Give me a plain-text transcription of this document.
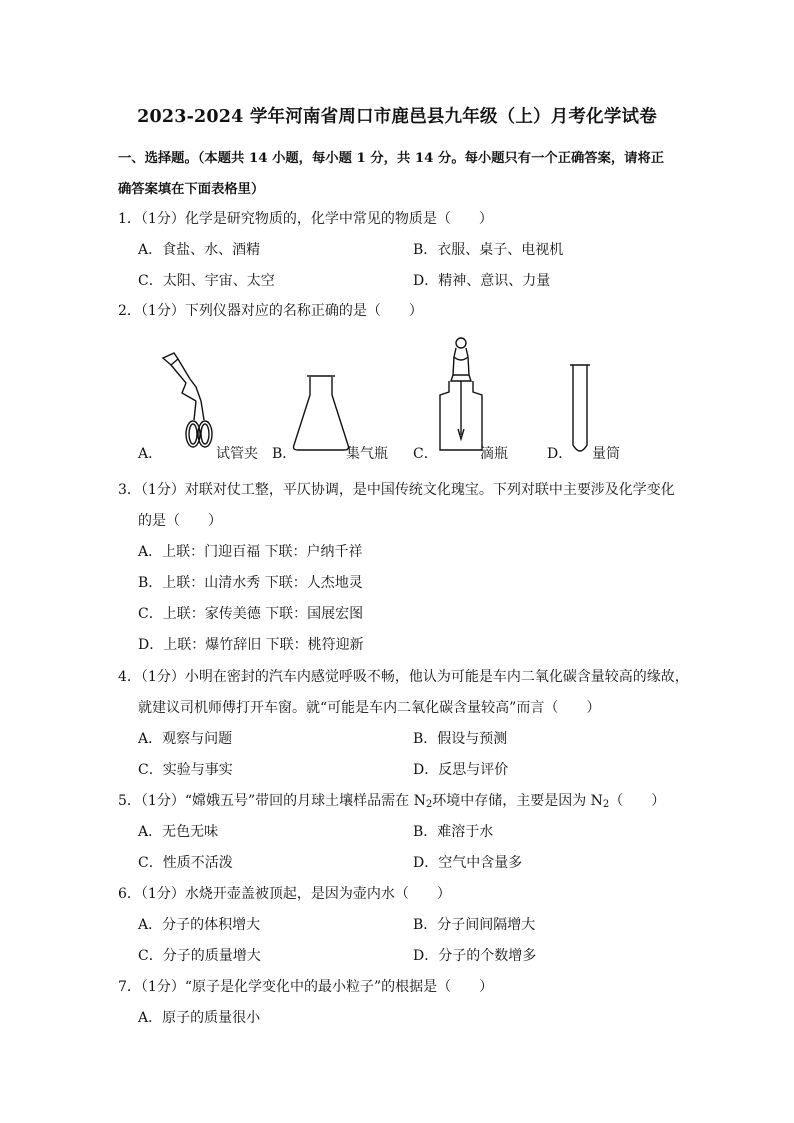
2023-2024 学年河南省周口市鹿邑县九年级（上）月考化学试卷
一、选择题。（本题共 14 小题，每小题 1 分，共 14 分。每小题只有一个正确答案，请将正
确答案填在下面表格里）
1．（1分）化学是研究物质的，化学中常见的物质是（　　）
A．食盐、水、酒精	B．衣服、桌子、电视机
C．太阳、宇宙、太空	D．精神、意识、力量
2．（1分）下列仪器对应的名称正确的是（　　）
A．	试管夹 B．	集气瓶 C．	滴瓶	D． 量筒
3．（1分）对联对仗工整，平仄协调，是中国传统文化瑰宝。下列对联中主要涉及化学变化
的是（　　）
A．上联：门迎百福 下联：户纳千祥
B．上联：山清水秀 下联：人杰地灵
C．上联：家传美德 下联：国展宏图
D．上联：爆竹辞旧 下联：桃符迎新
4．（1分）小明在密封的汽车内感觉呼吸不畅，他认为可能是车内二氧化碳含量较高的缘故，
就建议司机师傅打开车窗。就“可能是车内二氧化碳含量较高”而言（　　）
A．观察与问题	B．假设与预测
C．实验与事实	D．反思与评价
5．（1分）“嫦娥五号”带回的月球土壤样品需在 $N_2$环境中存储，主要是因为 $N_2$（　　）
A．无色无味	B．难溶于水
C．性质不活泼	D．空气中含量多
6．（1分）水烧开壶盖被顶起，是因为壶内水（　　）
A．分子的体积增大	B．分子间间隔增大
C．分子的质量增大	D．分子的个数增多
7．（1分）“原子是化学变化中的最小粒子”的根据是（　　）
A．原子的质量很小
